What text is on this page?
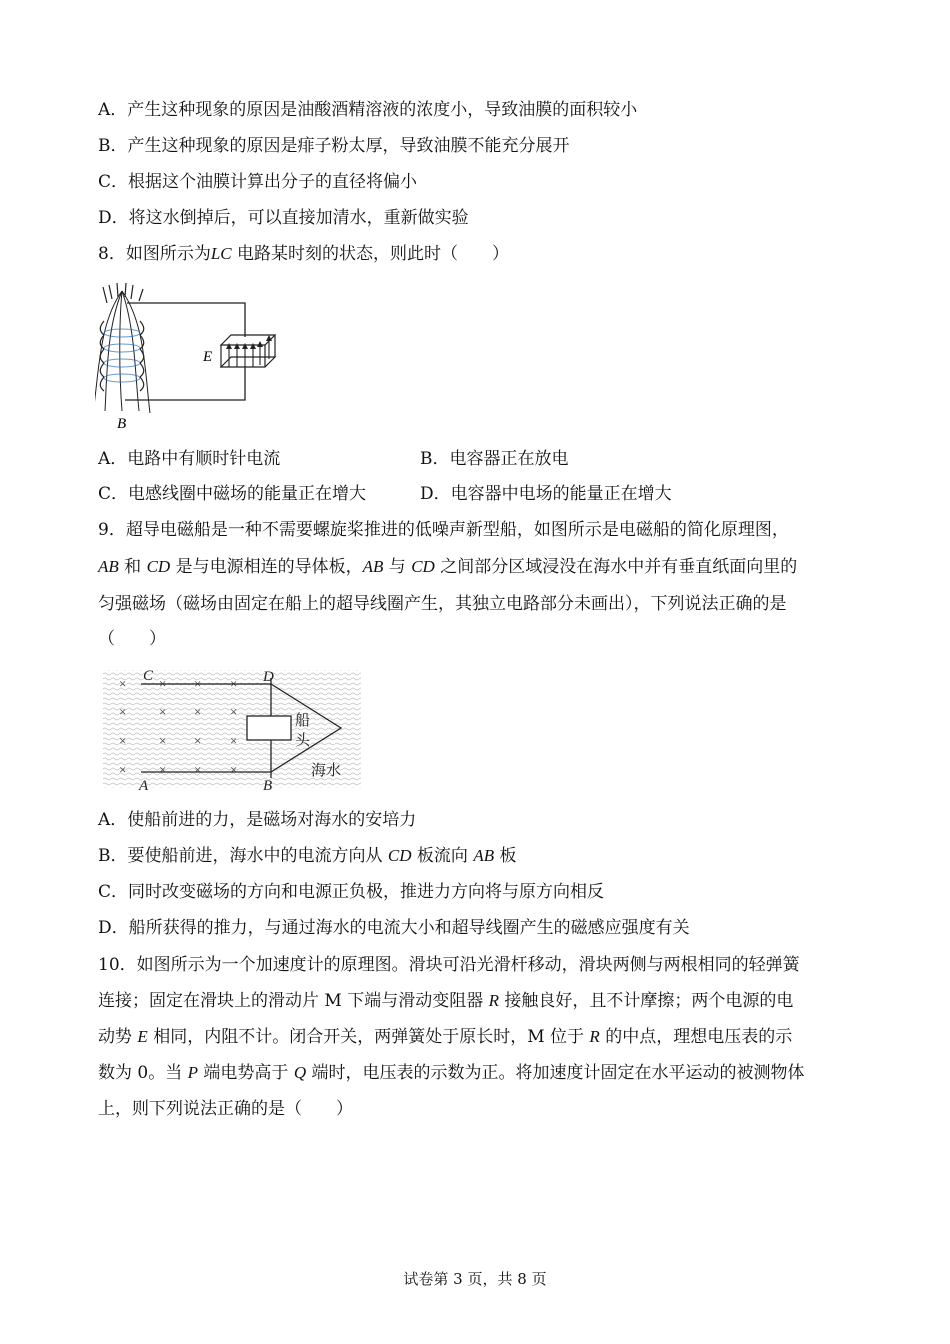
A．产生这种现象的原因是油酸酒精溶液的浓度小，导致油膜的面积较小
B．产生这种现象的原因是痱子粉太厚，导致油膜不能充分展开
C．根据这个油膜计算出分子的直径将偏小
D．将这水倒掉后，可以直接加清水，重新做实验
8．如图所示为LC 电路某时刻的状态，则此时（　　）
E
B
A．电路中有顺时针电流	B．电容器正在放电
C．电感线圈中磁场的能量正在增大	D．电容器中电场的能量正在增大
9．超导电磁船是一种不需要螺旋桨推进的低噪声新型船，如图所示是电磁船的简化原理图，
AB 和 CD 是与电源相连的导体板，AB 与 CD 之间部分区域浸没在海水中并有垂直纸面向里的
匀强磁场（磁场由固定在船上的超导线圈产生，其独立电路部分未画出），下列说法正确的是
（　　）
×	× × ×
×	× × ×
×	× × ×
×	× × ×
C	D
A	B
船
头
海水
A．使船前进的力，是磁场对海水的安培力
B．要使船前进，海水中的电流方向从 CD 板流向 AB 板
C．同时改变磁场的方向和电源正负极，推进力方向将与原方向相反
D．船所获得的推力，与通过海水的电流大小和超导线圈产生的磁感应强度有关
10．如图所示为一个加速度计的原理图。滑块可沿光滑杆移动，滑块两侧与两根相同的轻弹簧
连接；固定在滑块上的滑动片 M 下端与滑动变阻器 R 接触良好，且不计摩擦；两个电源的电
动势 E 相同，内阻不计。闭合开关，两弹簧处于原长时，M 位于 R 的中点，理想电压表的示
数为 0。当 P 端电势高于 Q 端时，电压表的示数为正。将加速度计固定在水平运动的被测物体
上，则下列说法正确的是（　　）
试卷第 3 页，共 8 页
